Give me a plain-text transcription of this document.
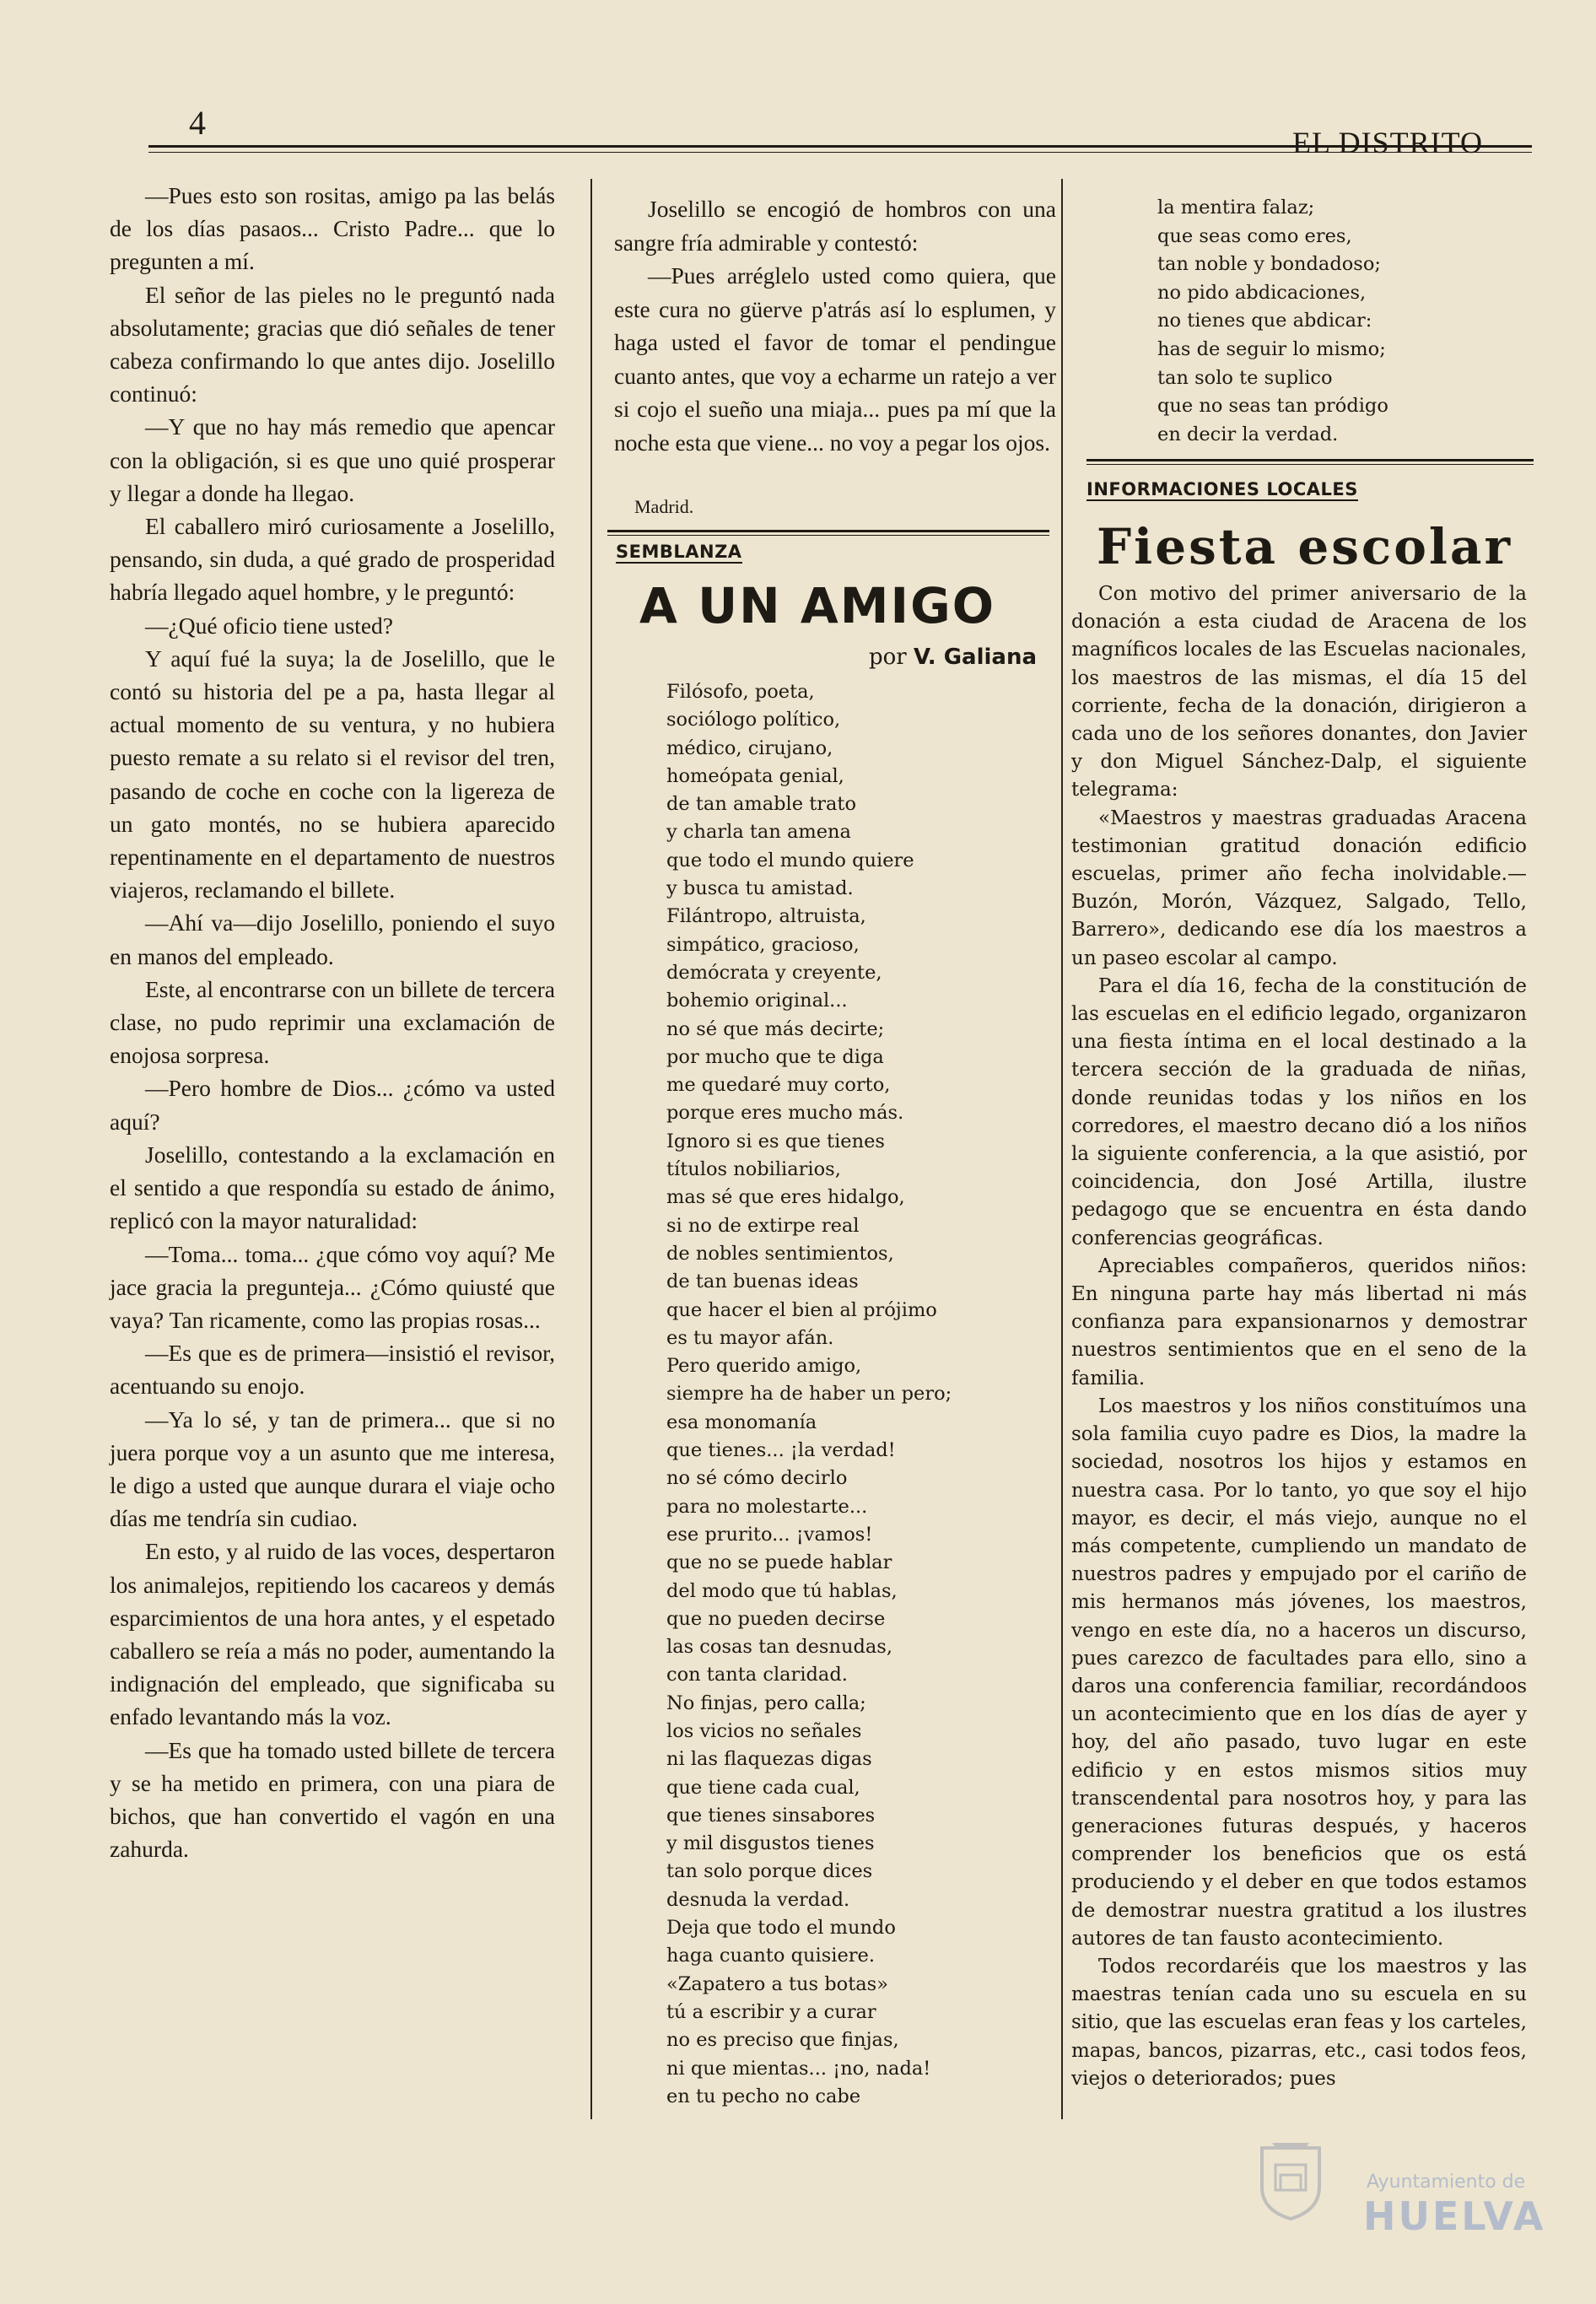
4
EL DISTRITO

—Pues esto son rositas, amigo pa las belás de los días pasaos... Cristo Padre... que lo pregunten a mí.

El señor de las pieles no le preguntó nada absolutamente; gracias que dió señales de tener cabeza confirmando lo que antes dijo. Joselillo continuó:

—Y que no hay más remedio que apencar con la obligación, si es que uno quié prosperar y llegar a donde ha llegao.

El caballero miró curiosamente a Joselillo, pensando, sin duda, a qué grado de prosperidad habría llegado aquel hombre, y le preguntó:

—¿Qué oficio tiene usted?

Y aquí fué la suya; la de Joselillo, que le contó su historia del pe a pa, hasta llegar al actual momento de su ventura, y no hubiera puesto remate a su relato si el revisor del tren, pasando de coche en coche con la ligereza de un gato montés, no se hubiera aparecido repentinamente en el departamento de nuestros viajeros, reclamando el billete.

—Ahí va—dijo Joselillo, poniendo el suyo en manos del empleado.

Este, al encontrarse con un billete de tercera clase, no pudo reprimir una exclamación de enojosa sorpresa.

—Pero hombre de Dios... ¿cómo va usted aquí?

Joselillo, contestando a la exclamación en el sentido a que respondía su estado de ánimo, replicó con la mayor naturalidad:

—Toma... toma... ¿que cómo voy aquí? Me jace gracia la pregunteja... ¿Cómo quiusté que vaya? Tan ricamente, como las propias rosas...

—Es que es de primera—insistió el revisor, acentuando su enojo.

—Ya lo sé, y tan de primera... que si no juera porque voy a un asunto que me interesa, le digo a usted que aunque durara el viaje ocho días me tendría sin cudiao.

En esto, y al ruido de las voces, despertaron los animalejos, repitiendo los cacareos y demás esparcimientos de una hora antes, y el espetado caballero se reía a más no poder, aumentando la indignación del empleado, que significaba su enfado levantando más la voz.

—Es que ha tomado usted billete de tercera y se ha metido en primera, con una piara de bichos, que han convertido el vagón en una zahurda.

Joselillo se encogió de hombros con una sangre fría admirable y contestó:

—Pues arréglelo usted como quiera, que este cura no güerve p'atrás así lo esplumen, y haga usted el favor de tomar el pendingue cuanto antes, que voy a echarme un ratejo a ver si cojo el sueño una miaja... pues pa mí que la noche esta que viene... no voy a pegar los ojos.

Madrid.
SEMBLANZA
A UN AMIGO
por V. Galiana
Filósofo, poeta,
sociólogo político,
médico, cirujano,
homeópata genial,
de tan amable trato
y charla tan amena
que todo el mundo quiere
y busca tu amistad.
Filántropo, altruista,
simpático, gracioso,
demócrata y creyente,
bohemio original...
no sé que más decirte;
por mucho que te diga
me quedaré muy corto,
porque eres mucho más.
Ignoro si es que tienes
títulos nobiliarios,
mas sé que eres hidalgo,
si no de extirpe real
de nobles sentimientos,
de tan buenas ideas
que hacer el bien al prójimo
es tu mayor afán.
Pero querido amigo,
siempre ha de haber un pero;
esa monomanía
que tienes... ¡la verdad!
no sé cómo decirlo
para no molestarte...
ese prurito... ¡vamos!
que no se puede hablar
del modo que tú hablas,
que no pueden decirse
las cosas tan desnudas,
con tanta claridad.
No finjas, pero calla;
los vicios no señales
ni las flaquezas digas
que tiene cada cual,
que tienes sinsabores
y mil disgustos tienes
tan solo porque dices
desnuda la verdad.
Deja que todo el mundo
haga cuanto quisiere.
«Zapatero a tus botas»
tú a escribir y a curar
no es preciso que finjas,
ni que mientas... ¡no, nada!
en tu pecho no cabe
la mentira falaz;
que seas como eres,
tan noble y bondadoso;
no pido abdicaciones,
no tienes que abdicar:
has de seguir lo mismo;
tan solo te suplico
que no seas tan pródigo
en decir la verdad.
INFORMACIONES LOCALES
Fiesta escolar

Con motivo del primer aniversario de la donación a esta ciudad de Aracena de los magníficos locales de las Escuelas nacionales, los maestros de las mismas, el día 15 del corriente, fecha de la donación, dirigieron a cada uno de los señores donantes, don Javier y don Miguel Sánchez-Dalp, el siguiente telegrama:

«Maestros y maestras graduadas Aracena testimonian gratitud donación edificio escuelas, primer año fecha inolvidable.—Buzón, Morón, Vázquez, Salgado, Tello, Barrero», dedicando ese día los maestros a un paseo escolar al campo.

Para el día 16, fecha de la constitución de las escuelas en el edificio legado, organizaron una fiesta íntima en el local destinado a la tercera sección de la graduada de niñas, donde reunidas todas y los niños en los corredores, el maestro decano dió a los niños la siguiente conferencia, a la que asistió, por coincidencia, don José Artilla, ilustre pedagogo que se encuentra en ésta dando conferencias geográficas.

Apreciables compañeros, queridos niños: En ninguna parte hay más libertad ni más confianza para expansionarnos y demostrar nuestros sentimientos que en el seno de la familia.

Los maestros y los niños constituímos una sola familia cuyo padre es Dios, la madre la sociedad, nosotros los hijos y estamos en nuestra casa. Por lo tanto, yo que soy el hijo mayor, es decir, el más viejo, aunque no el más competente, cumpliendo un mandato de nuestros padres y empujado por el cariño de mis hermanos más jóvenes, los maestros, vengo en este día, no a haceros un discurso, pues carezco de facultades para ello, sino a daros una conferencia familiar, recordándoos un acontecimiento que en los días de ayer y hoy, del año pasado, tuvo lugar en este edificio y en estos mismos sitios muy transcendental para nosotros hoy, y para las generaciones futuras después, y haceros comprender los beneficios que os está produciendo y el deber en que todos estamos de demostrar nuestra gratitud a los ilustres autores de tan fausto acontecimiento.

Todos recordaréis que los maestros y las maestras tenían cada uno su escuela en su sitio, que las escuelas eran feas y los carteles, mapas, bancos, pizarras, etc., casi todos feos, viejos o deteriorados; pues

Ayuntamiento de
HUELVA
